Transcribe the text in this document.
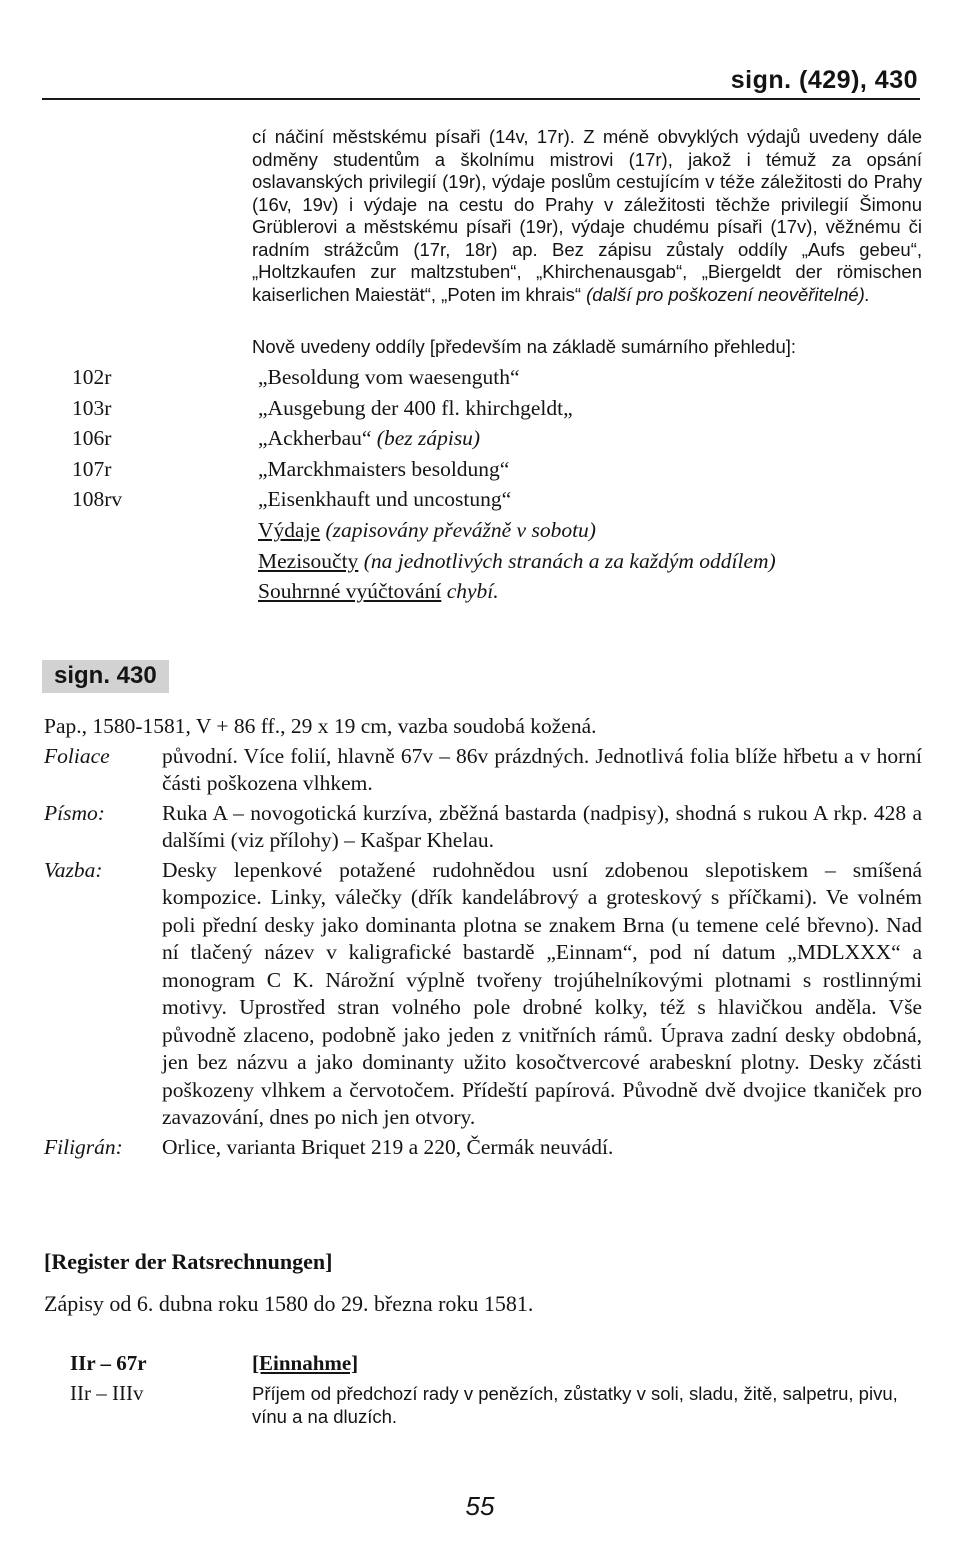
sign. (429), 430
cí náčiní městskému písaři (14v, 17r). Z méně obvyklých výdajů uvedeny dále odměny studentům a školnímu mistrovi (17r), jakož i témuž za opsání oslavanských privilegií (19r), výdaje poslům cestujícím v téže záležitosti do Prahy (16v, 19v) i výdaje na cestu do Prahy v záležitosti těchže privilegií Šimonu Grüblerovi a městskému písaři (19r), výdaje chudému písaři (17v), věžnému či radním strážcům (17r, 18r) ap. Bez zápisu zůstaly oddíly „Aufs gebeu“, „Holtzkaufen zur maltzstuben“, „Khirchenausgab“, „Biergeldt der römischen kaiserlichen Maiestät“, „Poten im khrais“ (další pro poškození neověřitelné).
Nově uvedeny oddíly [především na základě sumárního přehledu]:
102r	„Besoldung vom waesenguth“
103r	„Ausgebung der 400 fl. khirchgeldt„
106r	„Ackherbau“ (bez zápisu)
107r	„Marckhmaisters besoldung“
108rv	„Eisenkhauft und uncostung“
Výdaje (zapisovány převážně v sobotu)
Mezisoučty (na jednotlivých stranách a za každým oddílem)
Souhrnné vyúčtování chybí.
sign. 430
Pap., 1580-1581, V + 86 ff., 29 x 19 cm, vazba soudobá kožená.
Foliace původní. Více folií, hlavně 67v – 86v prázdných. Jednotlivá folia blíže hřbetu a v horní části poškozena vlhkem.
Písmo:	Ruka A – novogotická kurzíva, zběžná bastarda (nadpisy), shodná s rukou A rkp. 428 a dalšími (viz přílohy) – Kašpar Khelau.
Vazba:	Desky lepenkové potažené rudohnědou usní zdobenou slepotiskem – smíšená kompozice. Linky, válečky (dřík kandelábrový a groteskový s příčkami). Ve volném poli přední desky jako dominanta plotna se znakem Brna (u temene celé břevno). Nad ní tlačený název v kaligrafické bastardě „Einnam“, pod ní datum „MDLXXX“ a monogram C K. Nárožní výplně tvořeny trojúhelníkovými plotnami s rostlinnými motivy. Uprostřed stran volného pole drobné kolky, též s hlavičkou anděla. Vše původně zlaceno, podobně jako jeden z vnitřních rámů. Úprava zadní desky obdobná, jen bez názvu a jako dominanty užito kosočtvercové arabeskní plotny. Desky zčásti poškozeny vlhkem a červotočem. Přídeští papírová. Původně dvě dvojice tkaniček pro zavazování, dnes po nich jen otvory.
Filigrán: Orlice, varianta Briquet 219 a 220, Čermák neuvádí.
[Register der Ratsrechnungen]
Zápisy od 6. dubna roku 1580 do 29. března roku 1581.
IIr – 67r	[Einnahme]
IIr – IIIv	Příjem od předchozí rady v penězích, zůstatky v soli, sladu, žitě, salpetru, pivu, vínu a na dluzích.
55
